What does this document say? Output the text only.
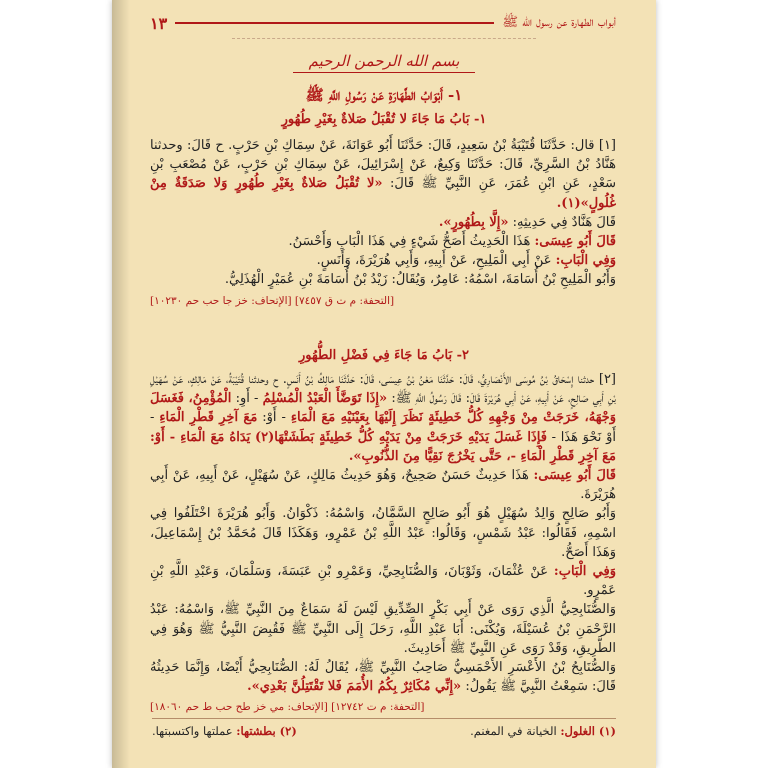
أبواب الطهارة عن رسول الله ﷺ
١٣
بسم الله الرحمن الرحيم
١- أَبْوَابُ الطَّهَارَةِ عَنْ رَسُولِ اللَّهِ ﷺ
١- بَابُ مَا جَاءَ لا تُقْبَلُ صَلاةٌ بِغَيْرِ طُهُورٍ

[١] قال: حَدَّثَنَا قُتَيْبَةُ بْنُ سَعِيدٍ، قَالَ: حَدَّثَنَا أَبُو عَوَانَةَ، عَنْ سِمَاكِ بْنِ حَرْبٍ. ح قَالَ: وحدثنا هَنَّادُ بْنُ السَّرِيِّ، قَالَ: حَدَّثَنَا وَكِيعٌ، عَنْ إِسْرَائِيلَ، عَنْ سِمَاكِ بْنِ حَرْبٍ، عَنْ مُصْعَبِ بْنِ سَعْدٍ، عَنِ ابْنِ عُمَرَ، عَنِ النَّبِيِّ ﷺ قَالَ: «لا تُقْبَلُ صَلاةٌ بِغَيْرِ طُهُورٍ وَلا صَدَقَةٌ مِنْ غُلُولٍ»(١).

قَالَ هَنَّادٌ فِي حَدِيثِهِ: «إِلَّا بِطُهُورٍ».

قَالَ أَبُو عِيسَى: هَذَا الْحَدِيثُ أَصَحُّ شَيْءٍ فِي هَذَا الْبَابِ وَأَحْسَنُ.

وَفِي الْبَابِ: عَنْ أَبِي الْمَلِيحِ، عَنْ أَبِيهِ، وَأَبِي هُرَيْرَةَ، وَأَنَسٍ.

وَأَبُو الْمَلِيحِ بْنُ أُسَامَةَ، اسْمُهُ: عَامِرٌ، وَيُقَالُ: زَيْدُ بْنُ أُسَامَةَ بْنِ عُمَيْرٍ الْهُذَلِيُّ.

[التحفة: م ت ق ٧٤٥٧] [الإتحاف: خز جا حب حم ١٠٢٣٠]
٢- بَابُ مَا جَاءَ فِي فَضْلِ الطُّهُورِ

[٢] حدثنا إِسْحَاقُ بْنُ مُوسَى الأَنْصَارِيُّ، قَالَ: حَدَّثَنَا مَعْنُ بْنُ عِيسَى، قَالَ: حَدَّثَنَا مَالِكُ بْنُ أَنَسٍ. ح وحدثنا قُتَيْبَةُ، عَنْ مَالِكٍ، عَنْ سُهَيْلِ بْنِ أَبِي صَالِحٍ، عَنْ أَبِيهِ، عَنْ أَبِي هُرَيْرَةَ قَالَ: قَالَ رَسُولُ اللَّهِ ﷺ: «إِذَا تَوَضَّأَ الْعَبْدُ الْمُسْلِمُ - أَوِ: الْمُؤْمِنُ، فَغَسَلَ وَجْهَهُ، خَرَجَتْ مِنْ وَجْهِهِ كُلُّ خَطِيئَةٍ نَظَرَ إِلَيْهَا بِعَيْنَيْهِ مَعَ الْمَاءِ - أَوْ: مَعَ آخِرِ قَطْرِ الْمَاءِ - أَوْ نَحْوَ هَذَا - فَإِذَا غَسَلَ يَدَيْهِ خَرَجَتْ مِنْ يَدَيْهِ كُلُّ خَطِيئَةٍ بَطَشَتْهَا(٢) يَدَاهُ مَعَ الْمَاءِ - أَوْ: مَعَ آخِرِ قَطْرِ الْمَاءِ -، حَتَّى يَخْرُجَ نَقِيًّا مِنَ الذُّنُوبِ».

قَالَ أَبُو عِيسَى: هَذَا حَدِيثٌ حَسَنٌ صَحِيحٌ، وَهُوَ حَدِيثُ مَالِكٍ، عَنْ سُهَيْلٍ، عَنْ أَبِيهِ، عَنْ أَبِي هُرَيْرَةَ.

وَأَبُو صَالِحٍ وَالِدُ سُهَيْلٍ هُوَ أَبُو صَالِحٍ السَّمَّانُ، وَاسْمُهُ: ذَكْوَانُ. وَأَبُو هُرَيْرَةَ اخْتَلَفُوا فِي اسْمِهِ، فَقَالُوا: عَبْدُ شَمْسٍ، وَقَالُوا: عَبْدُ اللَّهِ بْنُ عَمْرٍو، وَهَكَذَا قَالَ مُحَمَّدُ بْنُ إِسْمَاعِيلَ، وَهَذَا أَصَحُّ.

وَفِي الْبَابِ: عَنْ عُثْمَانَ، وَثَوْبَانَ، وَالصُّنَابِحِيِّ، وَعَمْرِو بْنِ عَبَسَةَ، وَسَلْمَانَ، وَعَبْدِ اللَّهِ بْنِ عَمْرٍو.

وَالصُّنَابِحِيُّ الَّذِي رَوَى عَنْ أَبِي بَكْرٍ الصِّدِّيقِ لَيْسَ لَهُ سَمَاعٌ مِنَ النَّبِيِّ ﷺ، وَاسْمُهُ: عَبْدُ الرَّحْمَنِ بْنُ عُسَيْلَةَ، وَيُكْنَى: أَبَا عَبْدِ اللَّهِ، رَحَلَ إِلَى النَّبِيِّ ﷺ فَقُبِضَ النَّبِيُّ ﷺ وَهُوَ فِي الطَّرِيقِ، وَقَدْ رَوَى عَنِ النَّبِيِّ ﷺ أَحَادِيثَ.

وَالصُّنَابِحُ بْنُ الأَعْسَرِ الأَحْمَسِيُّ صَاحِبُ النَّبِيِّ ﷺ، يُقَالُ لَهُ: الصُّنَابِحِيُّ أَيْضًا، وَإِنَّمَا حَدِيثُهُ قَالَ: سَمِعْتُ النَّبِيَّ ﷺ يَقُولُ: «إِنِّي مُكَاثِرٌ بِكُمُ الأُمَمَ فَلا تَقْتَتِلُنَّ بَعْدِي».

[التحفة: م ت ١٢٧٤٢] [الإتحاف: مي خز طح حب ط حم ١٨٠٦٠]
(١) الغلول: الخيانة في المغنم.
(٢) بطشتها: عملتها واكتسبتها.
